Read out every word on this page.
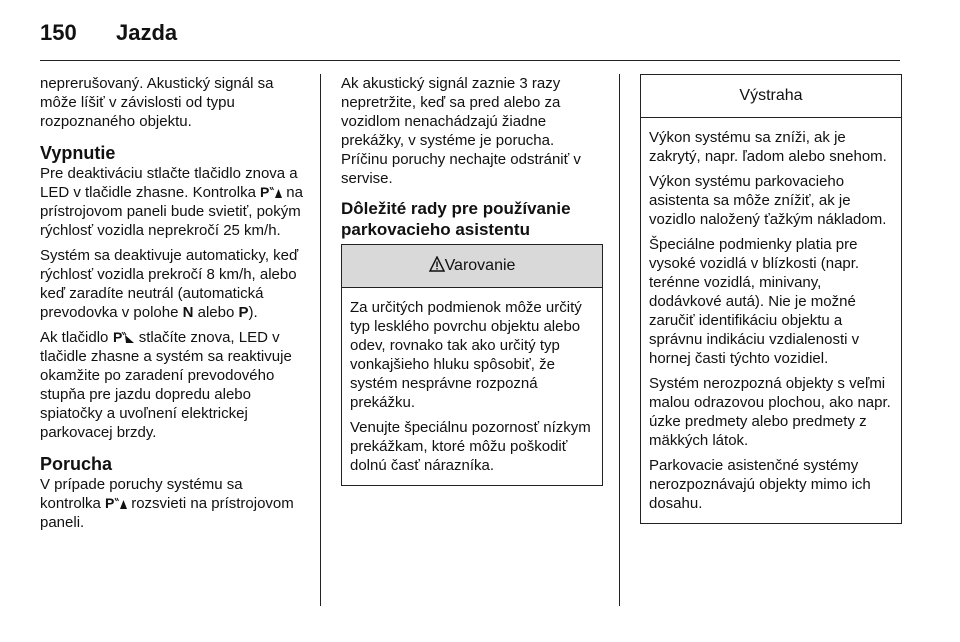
150 Jazda

neprerušovaný. Akustický signál sa môže líšiť v závislosti od typu rozpoznaného objektu.

Vypnutie

Pre deaktiváciu stlačte tlačidlo znova a LED v tlačidle zhasne. Kontrolka P na prístrojovom paneli bude svietiť, pokým rýchlosť vozidla neprekročí 25 km/h.

Systém sa deaktivuje automaticky, keď rýchlosť vozidla prekročí 8 km/h, alebo keď zaradíte neutrál (automatická prevodovka v polohe N alebo P).

Ak tlačidlo P stlačíte znova, LED v tlačidle zhasne a systém sa reaktivuje okamžite po zaradení prevodového stupňa pre jazdu dopredu alebo spiatočky a uvoľnení elektrickej parkovacej brzdy.

Porucha

V prípade poruchy systému sa kontrolka P rozsvieti na prístrojovom paneli.

Ak akustický signál zaznie 3 razy nepretržite, keď sa pred alebo za vozidlom nenachádzajú žiadne prekážky, v systéme je porucha. Príčinu poruchy nechajte odstrániť v servise.

Dôležité rady pre používanie parkovacieho asistentu
Varovanie

Za určitých podmienok môže určitý typ lesklého povrchu objektu alebo odev, rovnako tak ako určitý typ vonkajšieho hluku spôsobiť, že systém nesprávne rozpozná prekážku.

Venujte špeciálnu pozornosť nízkym prekážkam, ktoré môžu poškodiť dolnú časť nárazníka.

Výstraha

Výkon systému sa zníži, ak je zakrytý, napr. ľadom alebo snehom.

Výkon systému parkovacieho asistenta sa môže znížiť, ak je vozidlo naložený ťažkým nákladom.

Špeciálne podmienky platia pre vysoké vozidlá v blízkosti (napr. terénne vozidlá, minivany, dodávkové autá). Nie je možné zaručiť identifikáciu objektu a správnu indikáciu vzdialenosti v hornej časti týchto vozidiel.

Systém nerozpozná objekty s veľmi malou odrazovou plochou, ako napr. úzke predmety alebo predmety z mäkkých látok.

Parkovacie asistenčné systémy nerozpoznávajú objekty mimo ich dosahu.
